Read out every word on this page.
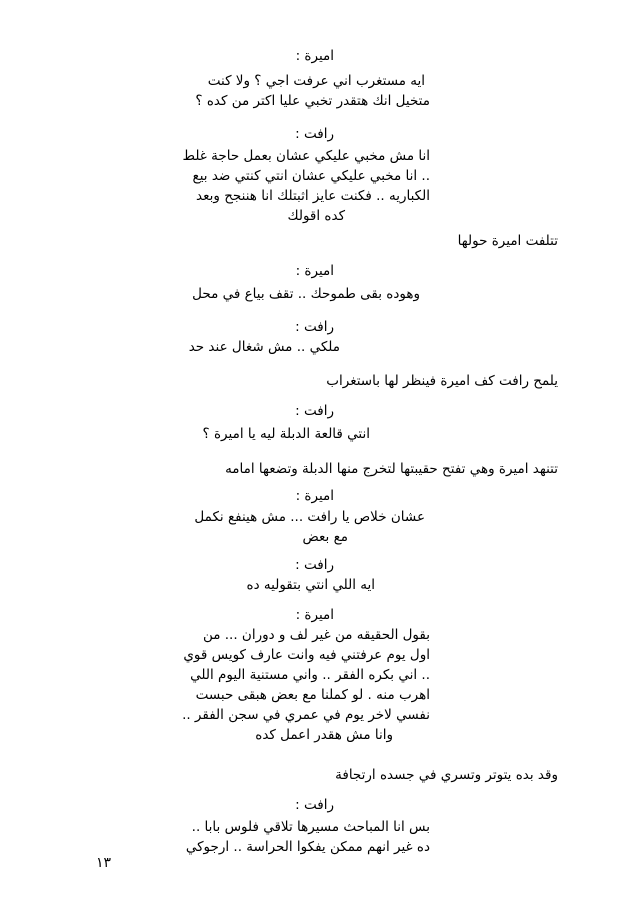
اميرة :
ايه مستغرب اني عرفت اجي ؟ ولا كنت
متخيل انك هتقدر تخبي عليا اكتر من كده ؟
رافت :
انا مش مخبي عليكي عشان بعمل حاجة غلط
.. انا مخبي عليكي عشان انتي كنتي ضد بيع
الكباريه .. فكنت عايز اثبتلك انا هننجح وبعد
كده اقولك
تتلفت اميرة حولها
اميرة :
وهوده بقى طموحك .. تقف بياع في محل
رافت :
ملكي .. مش شغال عند حد
يلمح رافت كف اميرة فينظر لها باستغراب
رافت :
انتي قالعة الدبلة ليه يا اميرة ؟
تتنهد اميرة وهي تفتح حقيبتها لتخرج منها الدبلة وتضعها امامه
اميرة :
عشان خلاص يا رافت ... مش هينفع نكمل
مع بعض
رافت :
ايه اللي انتي بتقوليه ده
اميرة :
بقول الحقيقه من غير لف و دوران ... من
اول يوم عرفتني فيه وانت عارف كويس قوي
.. اني بكره الفقر .. واني مستنية اليوم اللي
اهرب منه . لو كملنا مع بعض هبقى حبست
نفسي لاخر يوم في عمري في سجن الفقر ..
وانا مش هقدر اعمل كده
وقد بده يتوتر وتسري في جسده ارتجافة
رافت :
بس انا المباحث مسيرها تلاقي فلوس بابا ..
ده غير انهم ممكن يفكوا الحراسة .. ارجوكي
١٣
